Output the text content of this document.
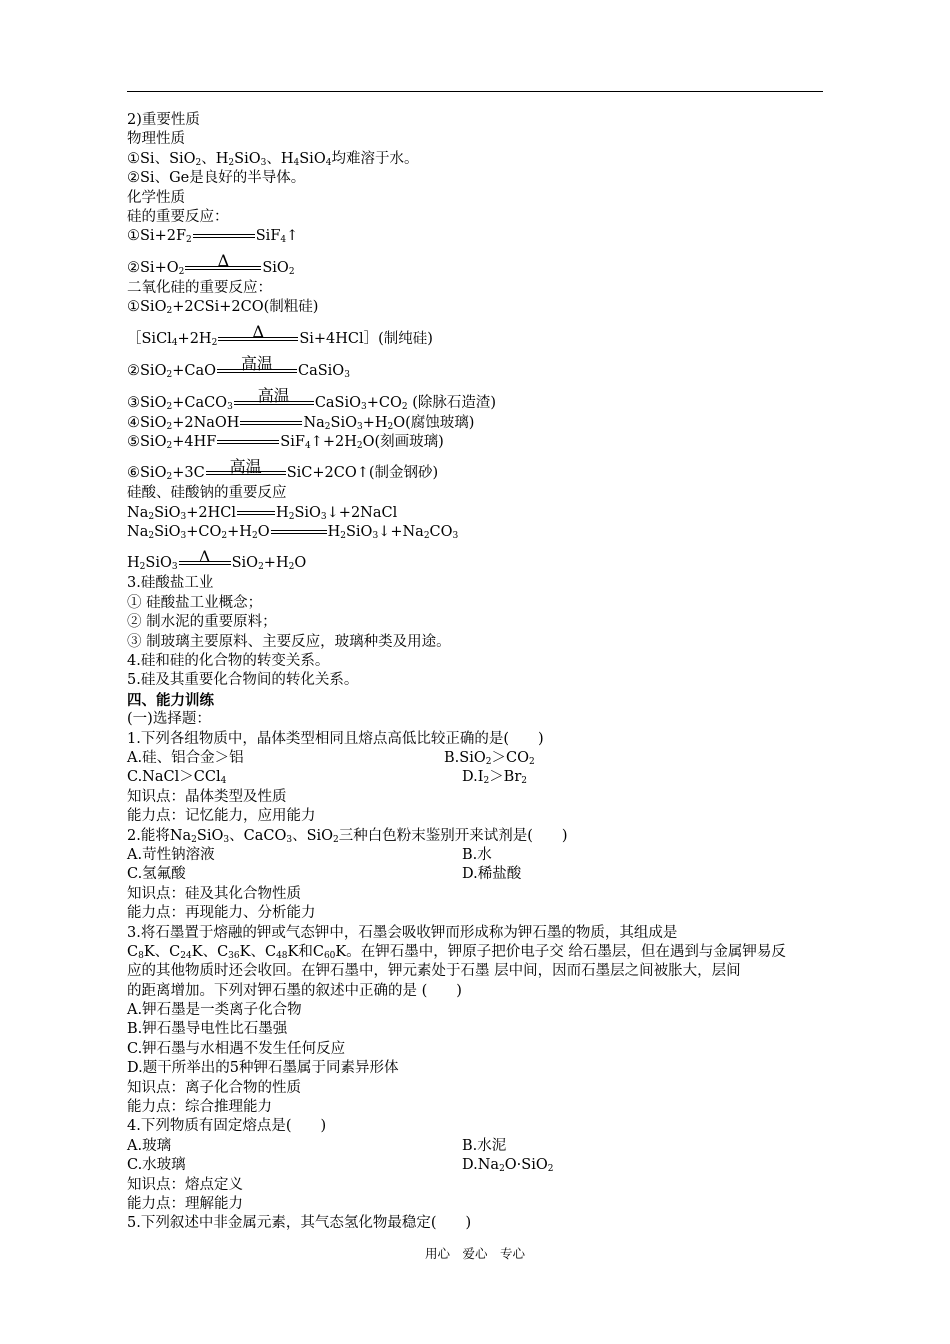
2)重要性质
物理性质
①Si、SiO$_2$、$H_2SiO_3$、$H_4SiO_4$均难溶于水。
②Si、Ge是良好的半导体。
化学性质
硅的重要反应：
$①Si+2F_2$	SiF$_4$↑
$②Si+O_2$
Δ	SiO$_2$
二氧化硅的重要反应：
①SiO$_2$+2CSi+2CO(制粗硅)
$[SiCl_4+2H_2$
Δ	Si+4HCl］(制纯硅)
②SiO$_2$+CaO	高温	CaSiO$_3$
③SiO$_2$+CaCO$_3$
高温	$CaSiO_3+CO_2$ (除脉石造渣)
④SiO$_2$+2NaOH	$Na_2SiO_3+H_2O$(腐蚀玻璃)
⑤SiO$_2$+4HF	$SiF_4↑+2H_2O$(刻画玻璃)
⑥SiO$_2$+3C	高温	SiC+2CO↑(制金钢砂)
硅酸、硅酸钠的重要反应
$Na_2SiO_3+2HCl$	$H_2SiO_3↓+2NaCl$
$Na_2SiO_3+CO_2+H_2O$	$H_2SiO_3↓+Na_2CO_3$
$H_2SiO_3$
Δ	$SiO_2+H_2O$
3.硅酸盐工业
① 硅酸盐工业概念；
② 制水泥的重要原料；
③ 制玻璃主要原料、主要反应，玻璃种类及用途。
4.硅和硅的化合物的转变关系。
5.硅及其重要化合物间的转化关系。
四、能力训练
(一)选择题：
1.下列各组物质中，晶体类型相同且熔点高低比较正确的是(　　)
A.硅、铝合金＞铝	$B.SiO_2>CO_2$
C.NaCl＞CCl$_4$	$D.I_2>Br_2$
知识点：晶体类型及性质
能力点：记忆能力，应用能力
2.能将$Na_2SiO_3$、CaCO$_3$、SiO$_2$三种白色粉末鉴别开来试剂是(　　)
A.苛性钠溶液	B.水
C.氢氟酸	D.稀盐酸
知识点：硅及其化合物性质
能力点：再现能力、分析能力
3.将石墨置于熔融的钾或气态钾中，石墨会吸收钾而形成称为钾石墨的物质，其组成是
$C_8K$、$C_{24}K$、$C_{36}K$、$C_{48}K$和$C_{60}K$。在钾石墨中，钾原子把价电子交 给石墨层，但在遇到与金属钾易反
应的其他物质时还会收回。在钾石墨中，钾元素处于石墨 层中间，因而石墨层之间被胀大，层间
的距离增加。下列对钾石墨的叙述中正确的是 (　　)
A.钾石墨是一类离子化合物
B.钾石墨导电性比石墨强
C.钾石墨与水相遇不发生任何反应
D.题干所举出的5种钾石墨属于同素异形体
知识点：离子化合物的性质
能力点：综合推理能力
4.下列物质有固定熔点是(　　)
A.玻璃	B.水泥
C.水玻璃	$D.Na_2O\cdot SiO_2$
知识点：熔点定义
能力点：理解能力
5.下列叙述中非金属元素，其气态氢化物最稳定(　　)
用心　爱心　专心
